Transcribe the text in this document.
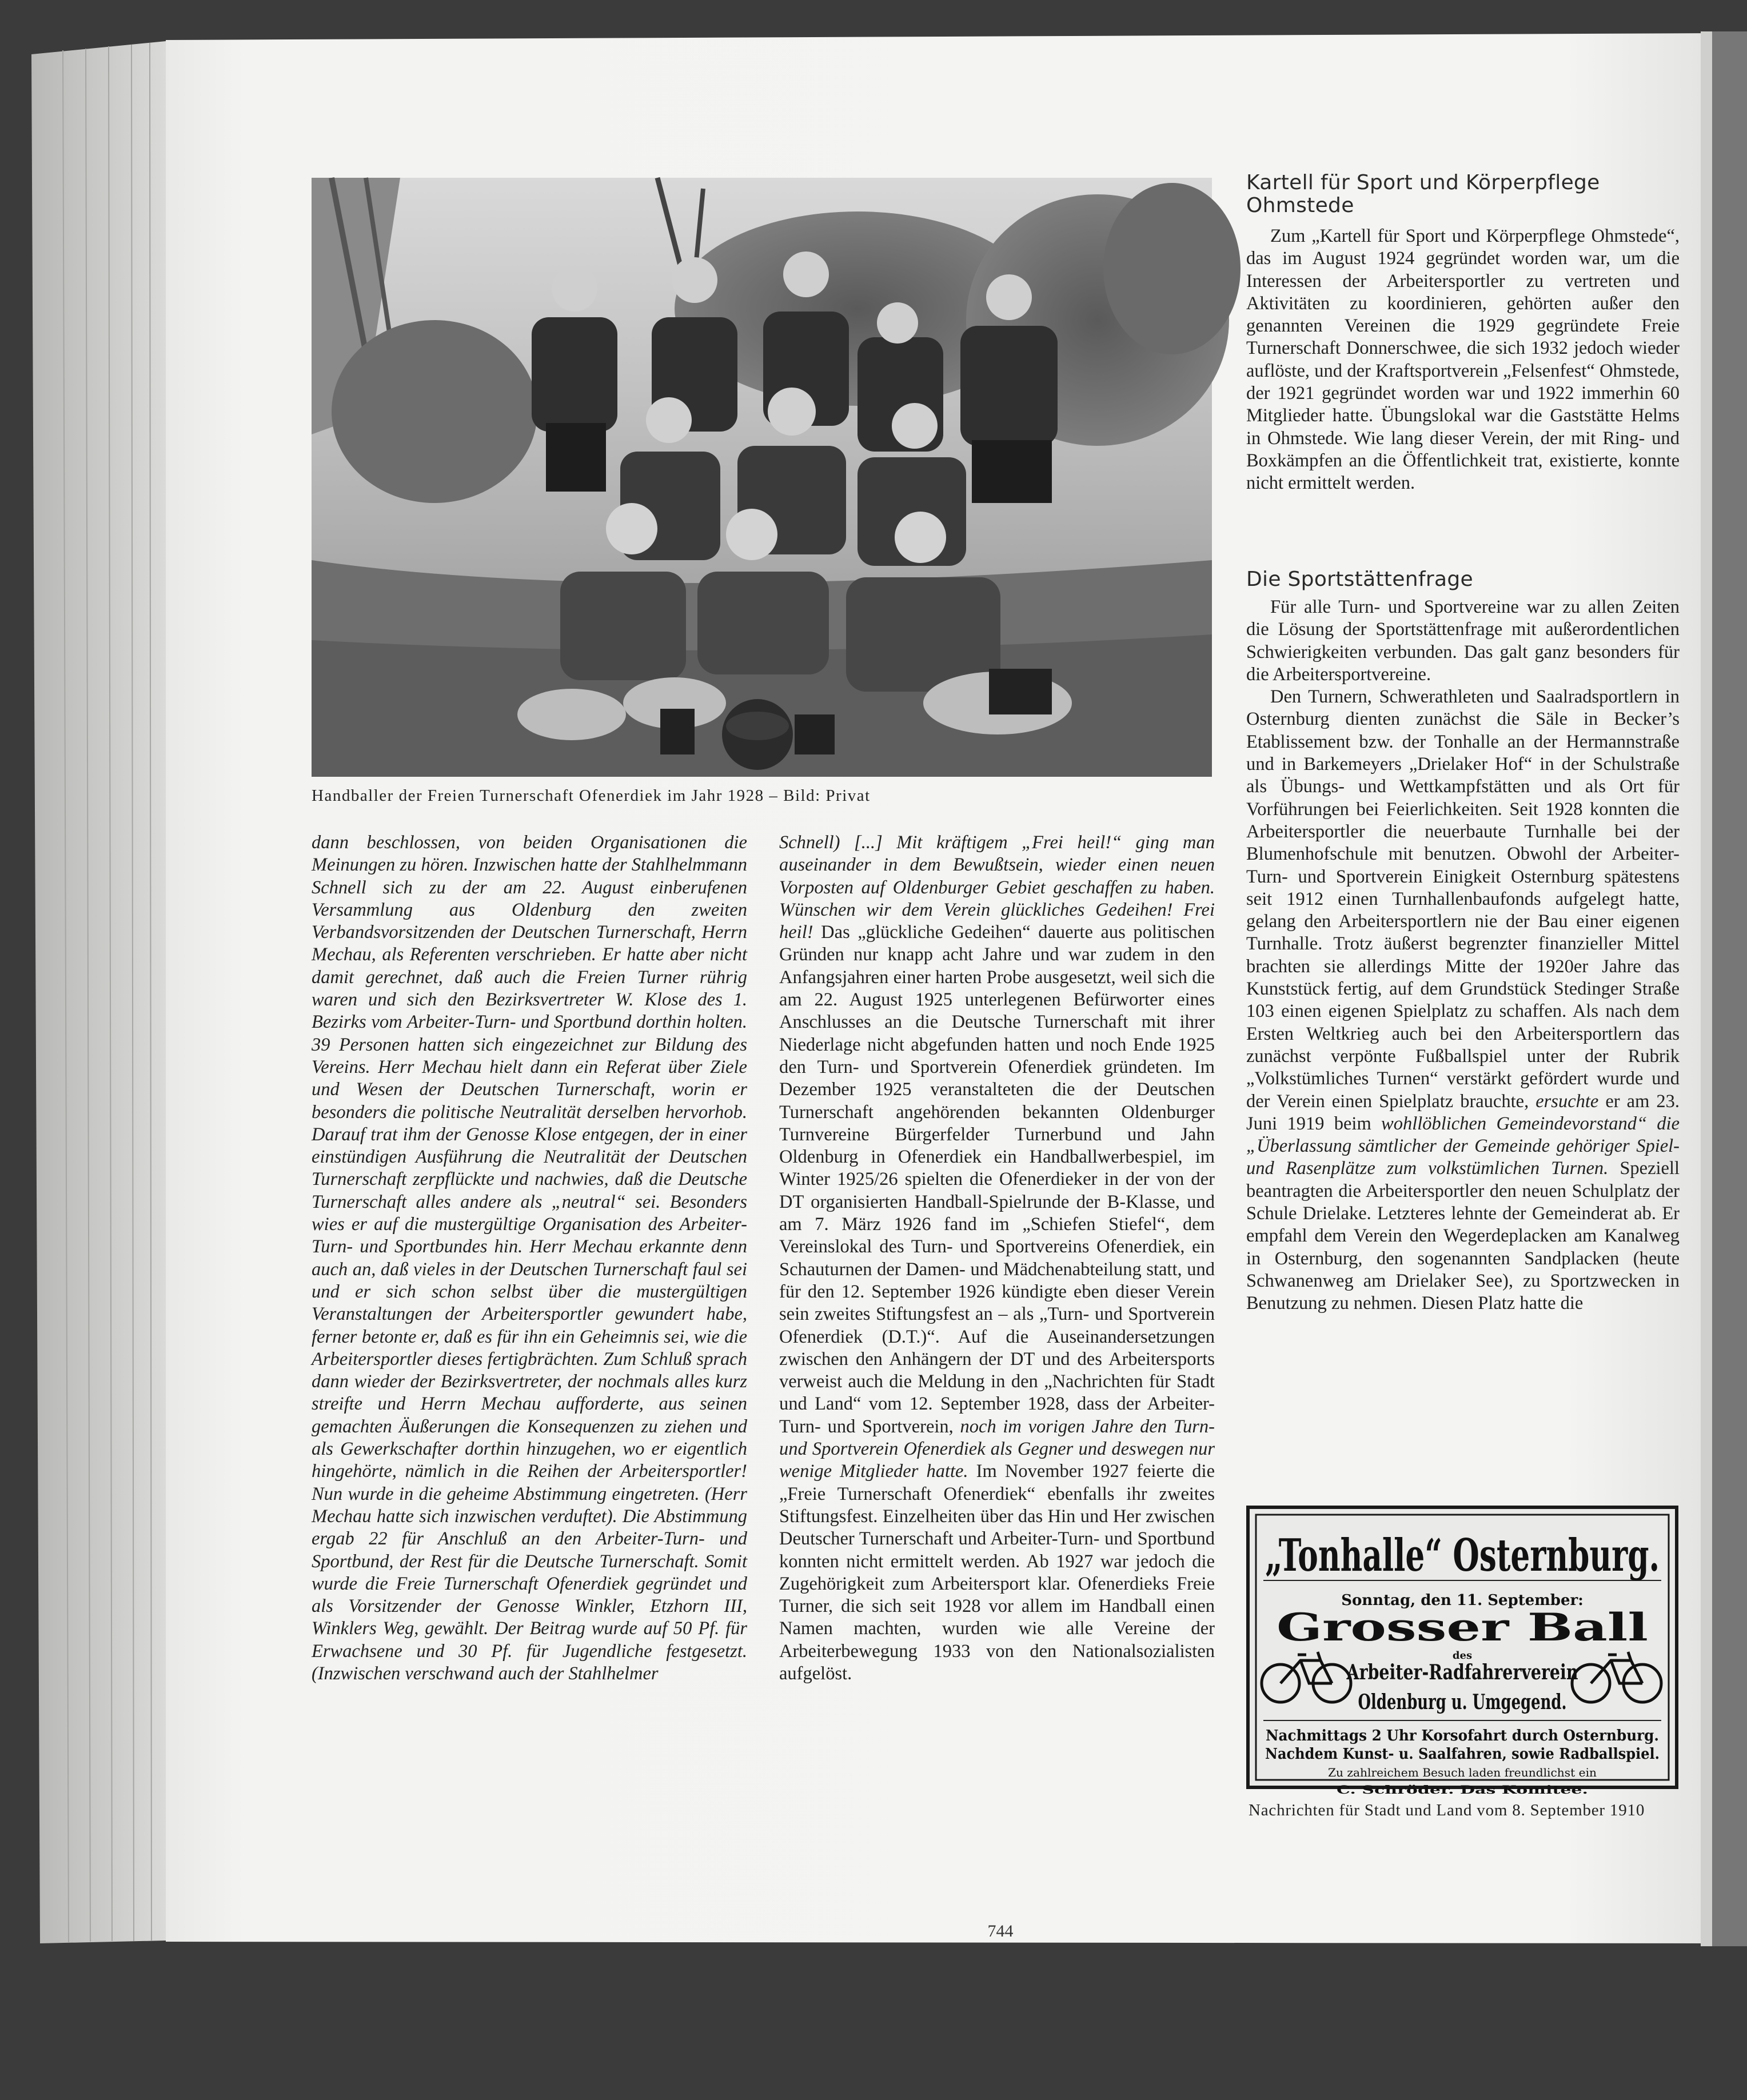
„Tonhalle“ Osternburg.
Sonntag, den 11. September:
Grosser Ball
des
Arbeiter-Radfahrerverein
Oldenburg u. Umgegend.
Nachmittags 2 Uhr Korsofahrt durch Osternburg.
Nachdem Kunst- u. Saalfahren, sowie Radballspiel.
Zu zahlreichem Besuch laden freundlichst ein
C. Schröder. Das Komitee.
Handballer der Freien Turnerschaft Ofenerdiek im Jahr 1928 – Bild: Privat

dann beschlossen, von beiden Organisationen die Meinungen zu hören. Inzwischen hatte der Stahlhelmmann Schnell sich zu der am 22. August einberufenen Versammlung aus Oldenburg den zweiten Verbandsvorsitzenden der Deutschen Turnerschaft, Herrn Mechau, als Referenten verschrieben. Er hatte aber nicht damit gerechnet, daß auch die Freien Turner rührig waren und sich den Bezirksvertreter W. Klose des 1. Bezirks vom Arbeiter-Turn- und Sportbund dorthin holten. 39 Personen hatten sich eingezeichnet zur Bildung des Vereins. Herr Mechau hielt dann ein Referat über Ziele und Wesen der Deutschen Turnerschaft, worin er besonders die politische Neutralität derselben hervorhob. Darauf trat ihm der Genosse Klose entgegen, der in einer einstündigen Ausführung die Neutralität der Deutschen Turnerschaft zerpflückte und nachwies, daß die Deutsche Turnerschaft alles andere als „neutral“ sei. Besonders wies er auf die mustergültige Organisation des Arbeiter-Turn- und Sportbundes hin. Herr Mechau erkannte denn auch an, daß vieles in der Deutschen Turnerschaft faul sei und er sich schon selbst über die mustergültigen Veranstaltungen der Arbeitersportler gewundert habe, ferner betonte er, daß es für ihn ein Geheimnis sei, wie die Arbeitersportler dieses fertigbrächten. Zum Schluß sprach dann wieder der Bezirksvertreter, der nochmals alles kurz streifte und Herrn Mechau aufforderte, aus seinen gemachten Äußerungen die Konsequenzen zu ziehen und als Gewerkschafter dorthin hinzugehen, wo er eigentlich hingehörte, nämlich in die Reihen der Arbeitersportler! Nun wurde in die geheime Abstimmung eingetreten. (Herr Mechau hatte sich inzwischen verduftet). Die Abstimmung ergab 22 für Anschluß an den Arbeiter-Turn- und Sportbund, der Rest für die Deutsche Turnerschaft. Somit wurde die Freie Turnerschaft Ofenerdiek gegründet und als Vorsitzender der Genosse Winkler, Etzhorn III, Winklers Weg, gewählt. Der Beitrag wurde auf 50 Pf. für Erwachsene und 30 Pf. für Jugendliche festgesetzt. (Inzwischen verschwand auch der Stahlhelmer

Schnell) [...] Mit kräftigem „Frei heil!“ ging man auseinander in dem Bewußtsein, wieder einen neuen Vorposten auf Oldenburger Gebiet geschaffen zu haben. Wünschen wir dem Verein glückliches Gedeihen! Frei heil! Das „glückliche Gedeihen“ dauerte aus politischen Gründen nur knapp acht Jahre und war zudem in den Anfangsjahren einer harten Probe ausgesetzt, weil sich die am 22. August 1925 unterlegenen Befürworter eines Anschlusses an die Deutsche Turnerschaft mit ihrer Niederlage nicht abgefunden hatten und noch Ende 1925 den Turn- und Sportverein Ofenerdiek gründeten. Im Dezember 1925 veranstalteten die der Deutschen Turnerschaft angehörenden bekannten Oldenburger Turnvereine Bürgerfelder Turnerbund und Jahn Oldenburg in Ofenerdiek ein Handballwerbespiel, im Winter 1925/26 spielten die Ofenerdieker in der von der DT organisierten Handball-Spielrunde der B-Klasse, und am 7. März 1926 fand im „Schiefen Stiefel“, dem Vereinslokal des Turn- und Sportvereins Ofenerdiek, ein Schauturnen der Damen- und Mädchenabteilung statt, und für den 12. September 1926 kündigte eben dieser Verein sein zweites Stiftungsfest an – als „Turn- und Sportverein Ofenerdiek (D.T.)“. Auf die Auseinandersetzungen zwischen den Anhängern der DT und des Arbeitersports verweist auch die Meldung in den „Nachrichten für Stadt und Land“ vom 12. September 1928, dass der Arbeiter-Turn- und Sportverein, noch im vorigen Jahre den Turn- und Sportverein Ofenerdiek als Gegner und deswegen nur wenige Mitglieder hatte. Im November 1927 feierte die „Freie Turnerschaft Ofenerdiek“ ebenfalls ihr zweites Stiftungsfest. Einzelheiten über das Hin und Her zwischen Deutscher Turnerschaft und Arbeiter-Turn- und Sportbund konnten nicht ermittelt werden. Ab 1927 war jedoch die Zugehörigkeit zum Arbeitersport klar. Ofenerdieks Freie Turner, die sich seit 1928 vor allem im Handball einen Namen machten, wurden wie alle Vereine der Arbeiterbewegung 1933 von den Nationalsozialisten aufgelöst.

Kartell für Sport und Körperpflege Ohmstede

Zum „Kartell für Sport und Körperpflege Ohmstede“, das im August 1924 gegründet worden war, um die Interessen der Arbeitersportler zu vertreten und Aktivitäten zu koordinieren, gehörten außer den genannten Vereinen die 1929 gegründete Freie Turnerschaft Donnerschwee, die sich 1932 jedoch wieder auflöste, und der Kraftsportverein „Felsenfest“ Ohmstede, der 1921 gegründet worden war und 1922 immerhin 60 Mitglieder hatte. Übungslokal war die Gaststätte Helms in Ohmstede. Wie lang dieser Verein, der mit Ring- und Boxkämpfen an die Öffentlichkeit trat, existierte, konnte nicht ermittelt werden.

Die Sportstättenfrage

Für alle Turn- und Sportvereine war zu allen Zeiten die Lösung der Sportstättenfrage mit außerordentlichen Schwierigkeiten verbunden. Das galt ganz besonders für die Arbeitersportvereine.

Den Turnern, Schwerathleten und Saalradsportlern in Osternburg dienten zunächst die Säle in Becker’s Etablissement bzw. der Tonhalle an der Hermannstraße und in Barkemeyers „Drielaker Hof“ in der Schulstraße als Übungs- und Wettkampfstätten und als Ort für Vorführungen bei Feierlichkeiten. Seit 1928 konnten die Arbeitersportler die neuerbaute Turnhalle bei der Blumenhofschule mit benutzen. Obwohl der Arbeiter-Turn- und Sportverein Einigkeit Osternburg spätestens seit 1912 einen Turnhallenbaufonds aufgelegt hatte, gelang den Arbeitersportlern nie der Bau einer eigenen Turnhalle. Trotz äußerst begrenzter finanzieller Mittel brachten sie allerdings Mitte der 1920er Jahre das Kunststück fertig, auf dem Grundstück Stedinger Straße 103 einen eigenen Spielplatz zu schaffen. Als nach dem Ersten Weltkrieg auch bei den Arbeitersportlern das zunächst verpönte Fußballspiel unter der Rubrik „Volkstümliches Turnen“ verstärkt gefördert wurde und der Verein einen Spielplatz brauchte, ersuchte er am 23. Juni 1919 beim wohllöblichen Gemeindevorstand“ die „Überlassung sämtlicher der Gemeinde gehöriger Spiel- und Rasenplätze zum volkstümlichen Turnen. Speziell beantragten die Arbeitersportler den neuen Schulplatz der Schule Drielake. Letzteres lehnte der Gemeinderat ab. Er empfahl dem Verein den Wegerdeplacken am Kanalweg in Osternburg, den sogenannten Sandplacken (heute Schwanenweg am Drielaker See), zu Sportzwecken in Benutzung zu nehmen. Diesen Platz hatte die

Nachrichten für Stadt und Land vom 8. September 1910
744
